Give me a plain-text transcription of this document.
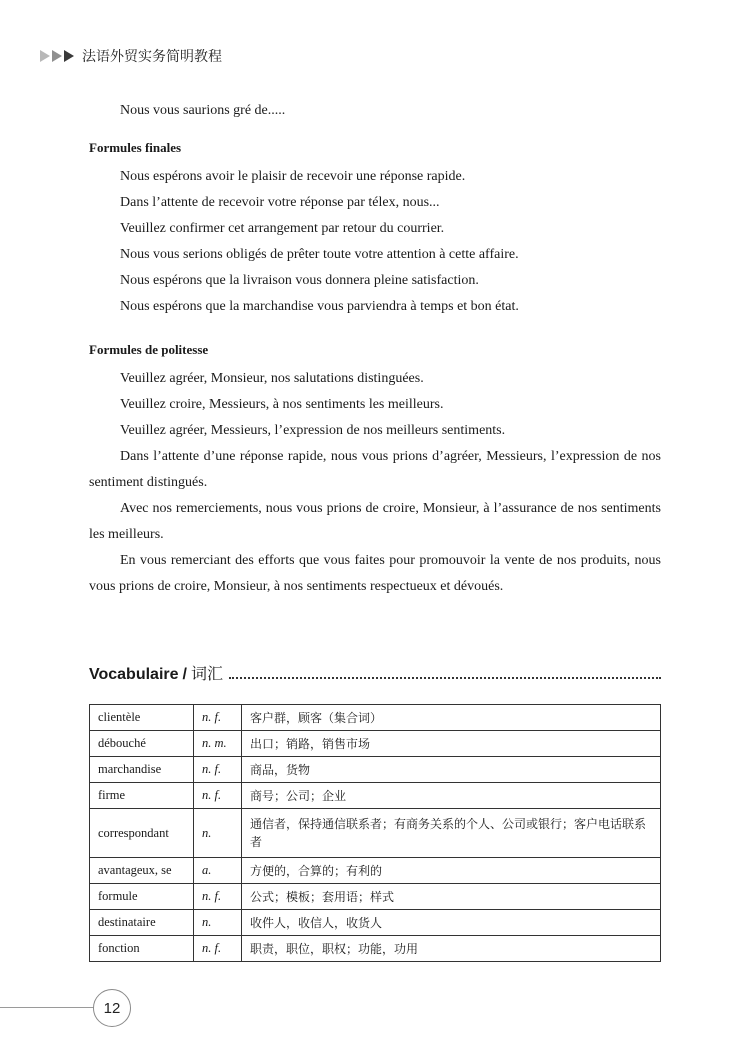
法语外贸实务简明教程

Nous vous saurions gré de.....

Formules finales

Nous espérons avoir le plaisir de recevoir une réponse rapide.

Dans l’attente de recevoir votre réponse par télex, nous...

Veuillez confirmer cet arrangement par retour du courrier.

Nous vous serions obligés de prêter toute votre attention à cette affaire.

Nous espérons que la livraison vous donnera pleine satisfaction.

Nous espérons que la marchandise vous parviendra à temps et bon état.

Formules de politesse

Veuillez agréer, Monsieur, nos salutations distinguées.

Veuillez croire, Messieurs, à nos sentiments les meilleurs.

Veuillez agréer, Messieurs, l’expression de nos meilleurs sentiments.

Dans l’attente d’une réponse rapide, nous vous prions d’agréer, Messieurs, l’expression de nos sentiment distingués.

Avec nos remerciements, nous vous prions de croire, Monsieur, à l’assurance de nos sentiments les meilleurs.

En vous remerciant des efforts que vous faites pour promouvoir la vente de nos produits, nous vous prions de croire, Monsieur, à nos sentiments respectueux et dévoués.

Vocabulaire / 词汇
clientèle	n. f.	客户群，顾客（集合词）
débouché	n. m.	出口；销路，销售市场
marchandise	n. f.	商品，货物
firme	n. f.	商号；公司；企业
correspondant	n.	通信者，保持通信联系者；有商务关系的个人、公司或银行；客户电话联系者
avantageux, se	a.	方便的，合算的；有利的
formule	n. f.	公式；模板；套用语；样式
destinataire	n.	收件人，收信人，收货人
fonction	n. f.	职责，职位，职权；功能，功用
12
